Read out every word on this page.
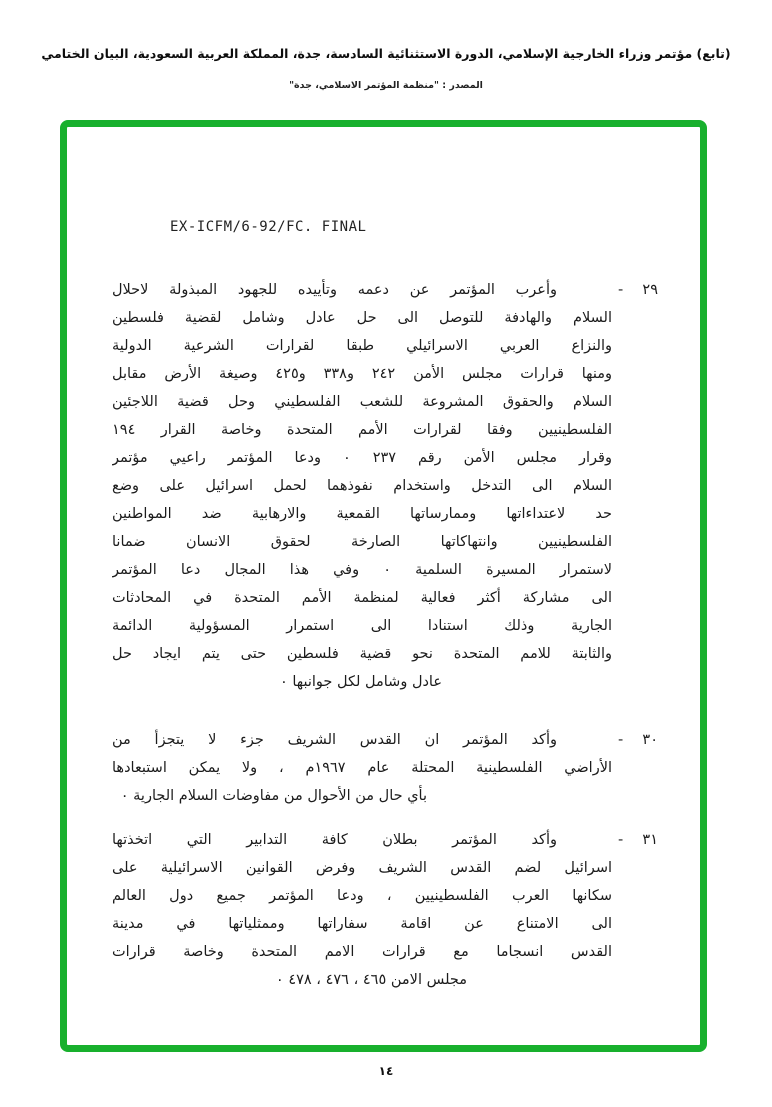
(تابع) مؤتمر وزراء الخارجية الإسلامي، الدورة الاستثنائية السادسة، جدة، المملكة العربية السعودية، البيان الختامي
المصدر : "منظمة المؤتمر الاسلامي، جدة"
EX-ICFM/6-92/FC. FINAL
٢٩
-
وأعرب المؤتمر عن دعمه وتأييده للجهود المبذولة لاحلال
السلام والهادفة للتوصل الى حل عادل وشامل لقضية فلسطين
والنزاع العربي الاسرائيلي طبقا لقرارات الشرعية الدولية
ومنها قرارات مجلس الأمن ٢٤٢ و٣٣٨ و٤٢٥ وصيغة الأرض مقابل
السلام والحقوق المشروعة للشعب الفلسطيني وحل قضية اللاجئين
الفلسطينيين وفقا لقرارات الأمم المتحدة وخاصة القرار ١٩٤
وقرار مجلس الأمن رقم ٢٣٧ ٠ ودعا المؤتمر راعيي مؤتمر
السلام الى التدخل واستخدام نفوذهما لحمل اسرائيل على وضع
حد لاعتداءاتها وممارساتها القمعية والارهابية ضد المواطنين
الفلسطينيين وانتهاكاتها الصارخة لحقوق الانسان ضمانا
لاستمرار المسيرة السلمية ٠ وفي هذا المجال دعا المؤتمر
الى مشاركة أكثر فعالية لمنظمة الأمم المتحدة في المحادثات
الجارية وذلك استنادا الى استمرار المسؤولية الدائمة
والثابتة للامم المتحدة نحو قضية فلسطين حتى يتم ايجاد حل
عادل وشامل لكل جوانبها ٠
٣٠
-
وأكد المؤتمر ان القدس الشريف جزء لا يتجزأ من
الأراضي الفلسطينية المحتلة عام ١٩٦٧م ، ولا يمكن استبعادها
بأي حال من الأحوال من مفاوضات السلام الجارية ٠
٣١
-
وأكد المؤتمر بطلان كافة التدابير التي اتخذتها
اسرائيل لضم القدس الشريف وفرض القوانين الاسرائيلية على
سكانها العرب الفلسطينيين ، ودعا المؤتمر جميع دول العالم
الى الامتناع عن اقامة سفاراتها وممثلياتها في مدينة
القدس انسجاما مع قرارات الامم المتحدة وخاصة قرارات
مجلس الامن ٤٦٥ ، ٤٧٦ ، ٤٧٨ ٠
١٤
